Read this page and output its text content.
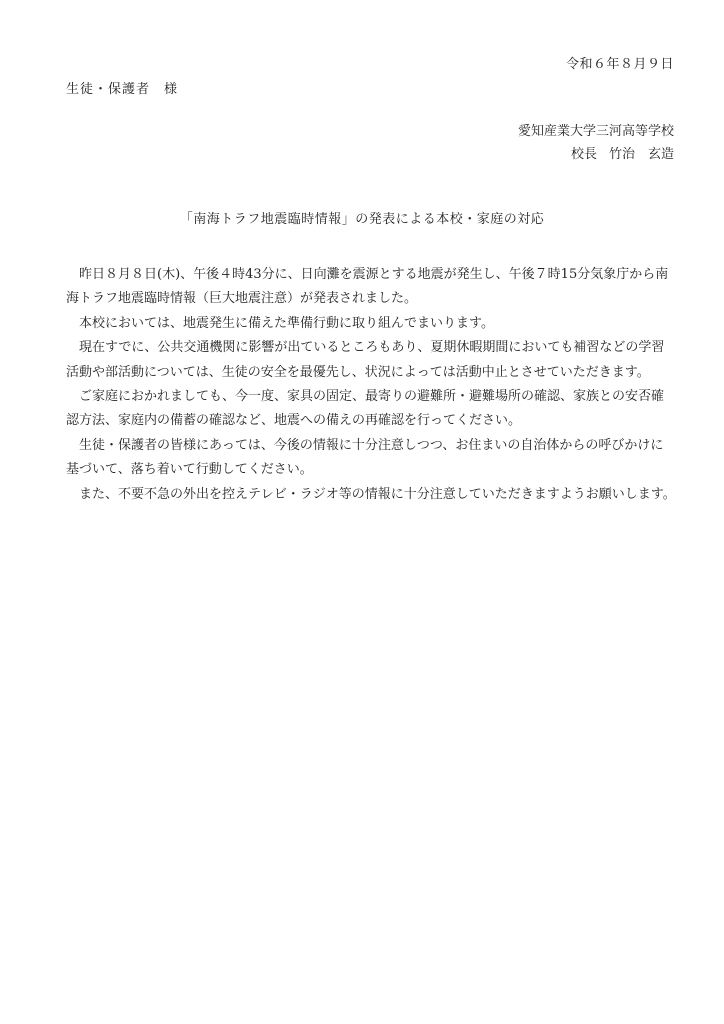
令和６年８月９日
生徒・保護者　様
愛知産業大学三河高等学校
校長 竹治　玄造
「南海トラフ地震臨時情報」の発表による本校・家庭の対応

昨日８月８日(木)、午後４時43分に、日向灘を震源とする地震が発生し、午後７時15分気象庁から南海トラフ地震臨時情報（巨大地震注意）が発表されました。

本校においては、地震発生に備えた準備行動に取り組んでまいります。

現在すでに、公共交通機関に影響が出ているところもあり、夏期休暇期間においても補習などの学習活動や部活動については、生徒の安全を最優先し、状況によっては活動中止とさせていただきます。

ご家庭におかれましても、今一度、家具の固定、最寄りの避難所・避難場所の確認、家族との安否確認方法、家庭内の備蓄の確認など、地震への備えの再確認を行ってください。

生徒・保護者の皆様にあっては、今後の情報に十分注意しつつ、お住まいの自治体からの呼びかけに基づいて、落ち着いて行動してください。

また、不要不急の外出を控えテレビ・ラジオ等の情報に十分注意していただきますようお願いします。
